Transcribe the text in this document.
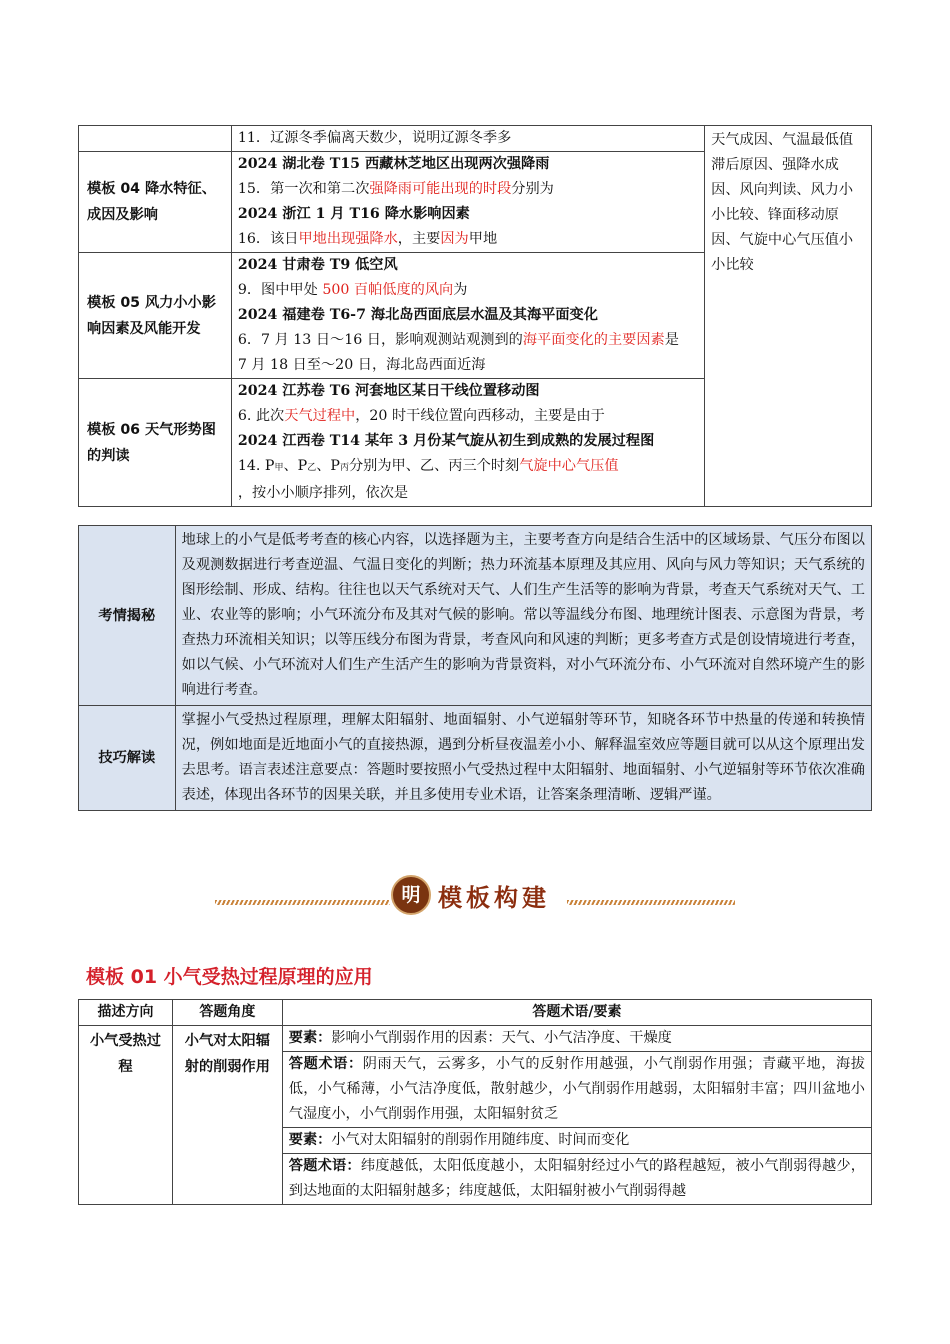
	11．辽源冬季偏离天数少，说明辽源冬季多	天气成因、气温最低值滞后原因、强降水成因、风向判读、风力小小比较、锋面移动原因、气旋中心气压值小小比较
模板 04 降水特征、成因及影响	2024 湖北卷 T15 西藏林芝地区出现两次强降雨
15．第一次和第二次强降雨可能出现的时段分别为
2024 浙江 1 月 T16 降水影响因素
16．该日甲地出现强降水，主要因为甲地	

模板 05 风力小小影响因素及风能开发	2024 甘肃卷 T9 低空风
9．图中甲处 500 百帕低度的风向为
2024 福建卷 T6-7 海北岛西面底层水温及其海平面变化
6．7 月 13 日～16 日，影响观测站观测到的海平面变化的主要因素是
7 月 18 日至～20 日，海北岛西面近海	

模板 06 天气形势图的判读	2024 江苏卷 T6 河套地区某日干线位置移动图
6. 此次天气过程中，20 时干线位置向西移动，主要是由于
2024 江西卷 T14 某年 3 月份某气旋从初生到成熟的发展过程图
14. P甲、P乙、P丙分别为甲、乙、丙三个时刻气旋中心气压值
，按小小顺序排列，依次是	
考情揭秘	地球上的小气是低考考查的核心内容，以选择题为主，主要考查方向是结合生活中的区域场景、气压分布图以及观测数据进行考查逆温、气温日变化的判断；热力环流基本原理及其应用、风向与风力等知识；天气系统的图形绘制、形成、结构。往往也以天气系统对天气、人们生产生活等的影响为背景，考查天气系统对天气、工业、农业等的影响；小气环流分布及其对气候的影响。常以等温线分布图、地理统计图表、示意图为背景，考查热力环流相关知识；以等压线分布图为背景，考查风向和风速的判断；更多考查方式是创设情境进行考查，如以气候、小气环流对人们生产生活产生的影响为背景资料，对小气环流分布、小气环流对自然环境产生的影响进行考查。
技巧解读	掌握小气受热过程原理，理解太阳辐射、地面辐射、小气逆辐射等环节，知晓各环节中热量的传递和转换情况，例如地面是近地面小气的直接热源，遇到分析昼夜温差小小、解释温室效应等题目就可以从这个原理出发去思考。语言表述注意要点：答题时要按照小气受热过程中太阳辐射、地面辐射、小气逆辐射等环节依次准确表述，体现出各环节的因果关联，并且多使用专业术语，让答案条理清晰、逻辑严谨。
明 模板构建
模板 01 小气受热过程原理的应用
描述方向	答题角度	答题术语/要素
小气受热过程	小气对太阳辐射的削弱作用	要素：影响小气削弱作用的因素：天气、小气洁净度、干燥度
		答题术语：阴雨天气，云雾多，小气的反射作用越强，小气削弱作用强；青藏平地，海拔低，小气稀薄，小气洁净度低，散射越少，小气削弱作用越弱，太阳辐射丰富；四川盆地小气湿度小，小气削弱作用强，太阳辐射贫乏
		要素：小气对太阳辐射的削弱作用随纬度、时间而变化
		答题术语：纬度越低，太阳低度越小，太阳辐射经过小气的路程越短，被小气削弱得越少，到达地面的太阳辐射越多；纬度越低，太阳辐射被小气削弱得越
